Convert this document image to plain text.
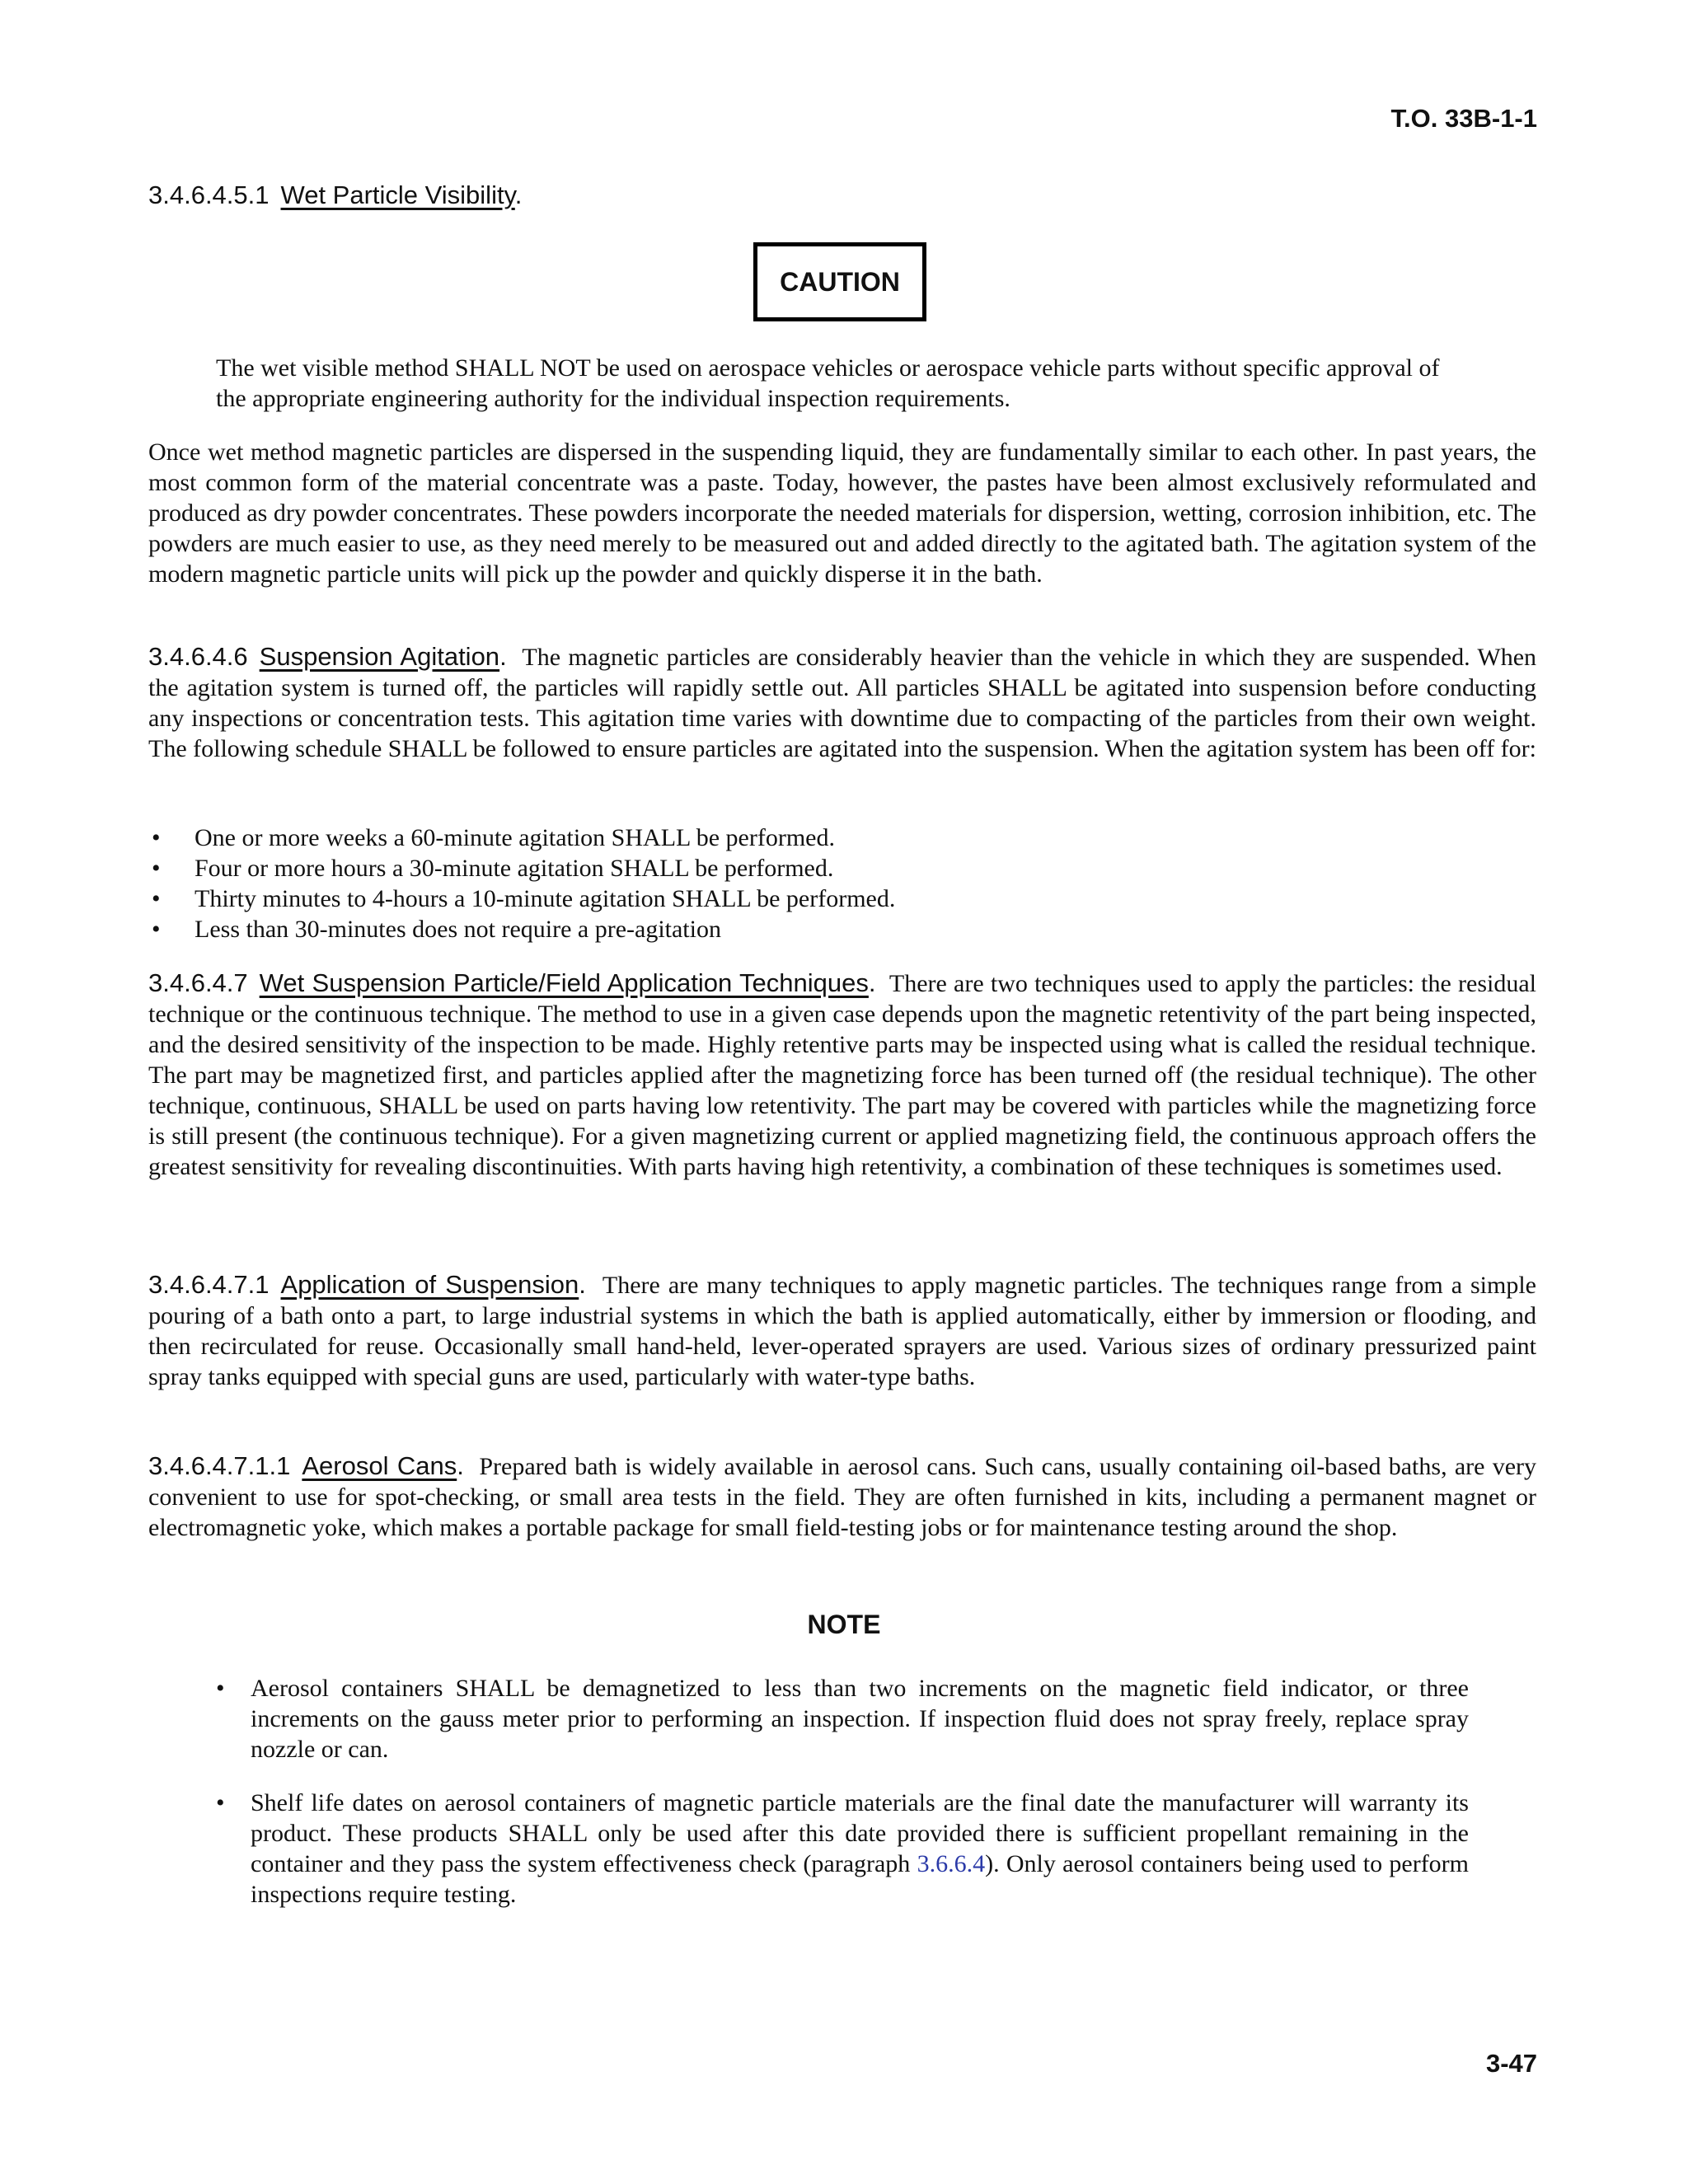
T.O. 33B-1-1
3.4.6.4.5.1 Wet Particle Visibility.
CAUTION
The wet visible method SHALL NOT be used on aerospace vehicles or aerospace vehicle parts without specific approval of the appropriate engineering authority for the individual inspection requirements.
Once wet method magnetic particles are dispersed in the suspending liquid, they are fundamentally similar to each other. In past years, the most common form of the material concentrate was a paste. Today, however, the pastes have been almost exclusively reformulated and produced as dry powder concentrates. These powders incorporate the needed materials for dispersion, wetting, corrosion inhibition, etc. The powders are much easier to use, as they need merely to be measured out and added directly to the agitated bath. The agitation system of the modern magnetic particle units will pick up the powder and quickly disperse it in the bath.
3.4.6.4.6 Suspension Agitation. The magnetic particles are considerably heavier than the vehicle in which they are suspended. When the agitation system is turned off, the particles will rapidly settle out. All particles SHALL be agitated into suspension before conducting any inspections or concentration tests. This agitation time varies with downtime due to compacting of the particles from their own weight. The following schedule SHALL be followed to ensure particles are agitated into the suspension. When the agitation system has been off for:
• One or more weeks a 60-minute agitation SHALL be performed.
• Four or more hours a 30-minute agitation SHALL be performed.
• Thirty minutes to 4-hours a 10-minute agitation SHALL be performed.
• Less than 30-minutes does not require a pre-agitation
3.4.6.4.7 Wet Suspension Particle/Field Application Techniques. There are two techniques used to apply the particles: the residual technique or the continuous technique. The method to use in a given case depends upon the magnetic retentivity of the part being inspected, and the desired sensitivity of the inspection to be made. Highly retentive parts may be inspected using what is called the residual technique. The part may be magnetized first, and particles applied after the magnetizing force has been turned off (the residual technique). The other technique, continuous, SHALL be used on parts having low retentivity. The part may be covered with particles while the magnetizing force is still present (the continuous technique). For a given magnetizing current or applied magnetizing field, the continuous approach offers the greatest sensitivity for revealing discontinuities. With parts having high retentivity, a combination of these techniques is sometimes used.
3.4.6.4.7.1 Application of Suspension. There are many techniques to apply magnetic particles. The techniques range from a simple pouring of a bath onto a part, to large industrial systems in which the bath is applied automatically, either by immersion or flooding, and then recirculated for reuse. Occasionally small hand-held, lever-operated sprayers are used. Various sizes of ordinary pressurized paint spray tanks equipped with special guns are used, particularly with water-type baths.
3.4.6.4.7.1.1 Aerosol Cans. Prepared bath is widely available in aerosol cans. Such cans, usually containing oil-based baths, are very convenient to use for spot-checking, or small area tests in the field. They are often furnished in kits, including a permanent magnet or electromagnetic yoke, which makes a portable package for small field-testing jobs or for maintenance testing around the shop.
NOTE
• Aerosol containers SHALL be demagnetized to less than two increments on the magnetic field indicator, or three increments on the gauss meter prior to performing an inspection. If inspection fluid does not spray freely, replace spray nozzle or can.
• Shelf life dates on aerosol containers of magnetic particle materials are the final date the manufacturer will warranty its product. These products SHALL only be used after this date provided there is sufficient propellant remaining in the container and they pass the system effectiveness check (paragraph 3.6.6.4). Only aerosol containers being used to perform inspections require testing.
3-47
